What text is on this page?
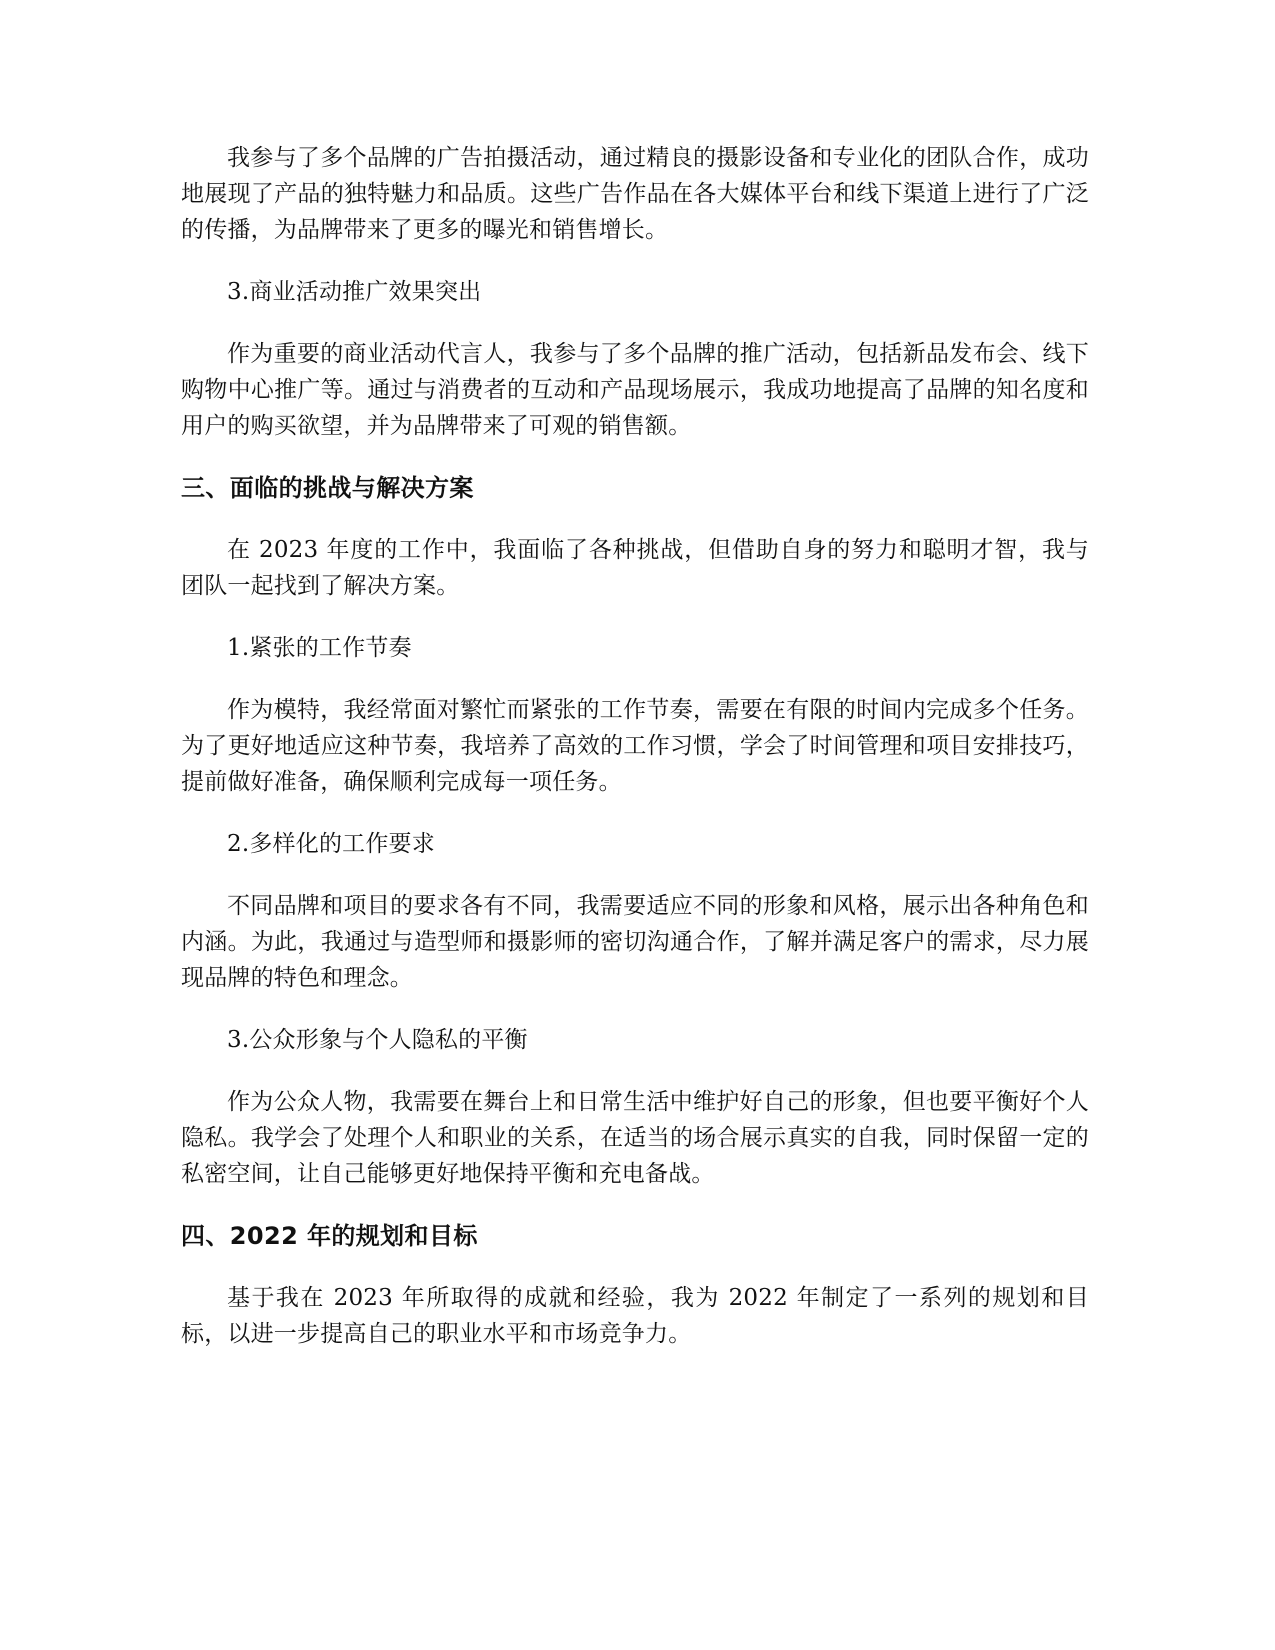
我参与了多个品牌的广告拍摄活动，通过精良的摄影设备和专业化的团队合作，成功地展现了产品的独特魅力和品质。这些广告作品在各大媒体平台和线下渠道上进行了广泛的传播，为品牌带来了更多的曝光和销售增长。

3.商业活动推广效果突出

作为重要的商业活动代言人，我参与了多个品牌的推广活动，包括新品发布会、线下购物中心推广等。通过与消费者的互动和产品现场展示，我成功地提高了品牌的知名度和用户的购买欲望，并为品牌带来了可观的销售额。

三、面临的挑战与解决方案

在 2023 年度的工作中，我面临了各种挑战，但借助自身的努力和聪明才智，我与团队一起找到了解决方案。

1.紧张的工作节奏

作为模特，我经常面对繁忙而紧张的工作节奏，需要在有限的时间内完成多个任务。为了更好地适应这种节奏，我培养了高效的工作习惯，学会了时间管理和项目安排技巧，提前做好准备，确保顺利完成每一项任务。

2.多样化的工作要求

不同品牌和项目的要求各有不同，我需要适应不同的形象和风格，展示出各种角色和内涵。为此，我通过与造型师和摄影师的密切沟通合作，了解并满足客户的需求，尽力展现品牌的特色和理念。

3.公众形象与个人隐私的平衡

作为公众人物，我需要在舞台上和日常生活中维护好自己的形象，但也要平衡好个人隐私。我学会了处理个人和职业的关系，在适当的场合展示真实的自我，同时保留一定的私密空间，让自己能够更好地保持平衡和充电备战。

四、2022 年的规划和目标

基于我在 2023 年所取得的成就和经验，我为 2022 年制定了一系列的规划和目标，以进一步提高自己的职业水平和市场竞争力。
